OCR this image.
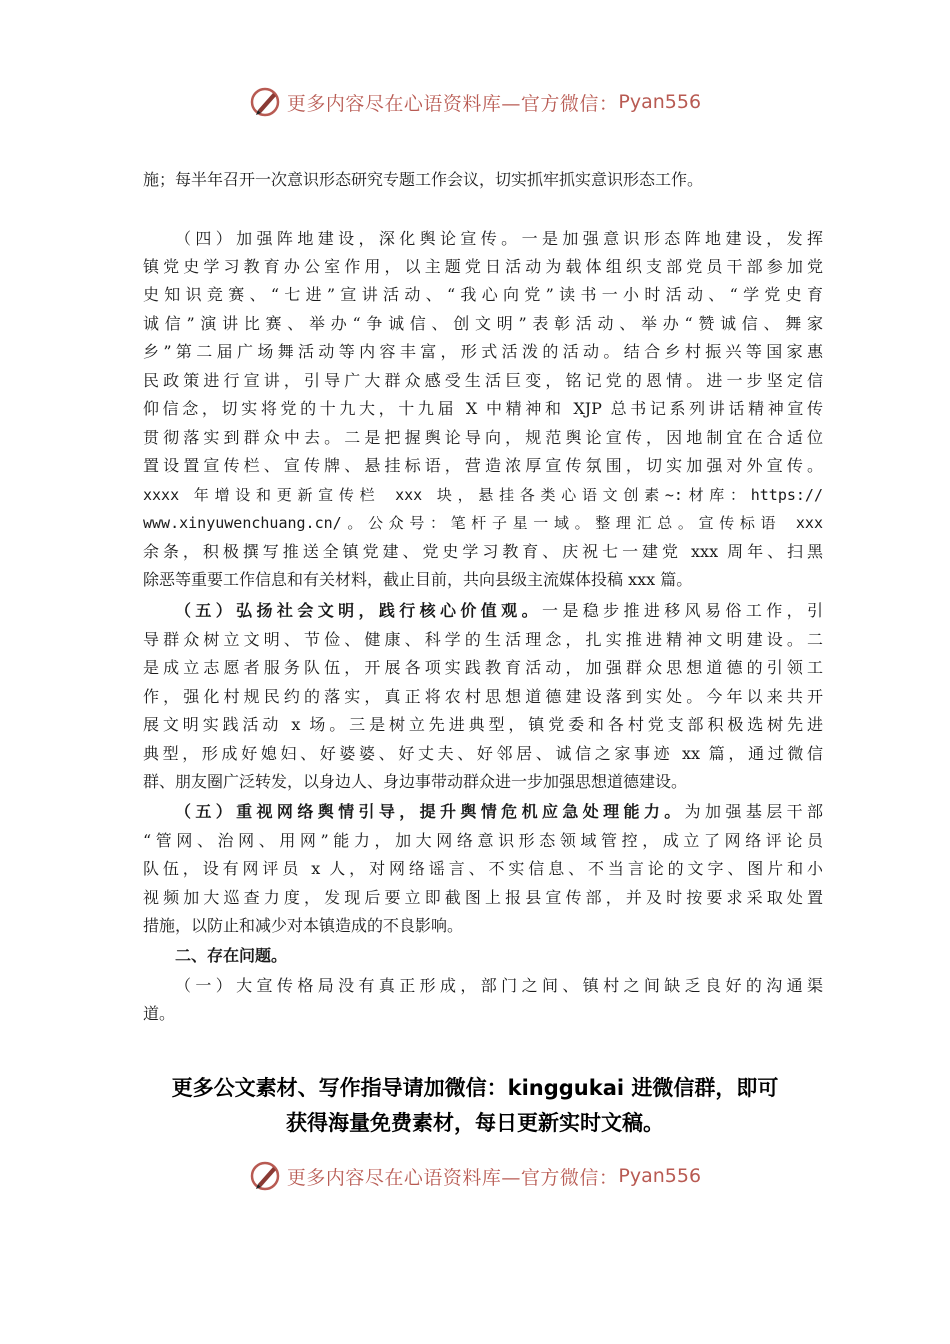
更多内容尽在心语资料库—官方微信： Pyan556
施；每半年召开一次意识形态研究专题工作会议，切实抓牢抓实意识形态工作。
（四）加强阵地建设，深化舆论宣传。一是加强意识形态阵地建设，发挥
镇党史学习教育办公室作用，以主题党日活动为载体组织支部党员干部参加党
史知识竞赛、“七进”宣讲活动、“我心向党”读书一小时活动、“学党史育
诚信”演讲比赛、举办“争诚信、创文明”表彰活动、举办“赞诚信、舞家
乡”第二届广场舞活动等内容丰富，形式活泼的活动。结合乡村振兴等国家惠
民政策进行宣讲，引导广大群众感受生活巨变，铭记党的恩情。进一步坚定信
仰信念，切实将党的十九大，十九届 X 中精神和 XJP 总书记系列讲话精神宣传
贯彻落实到群众中去。二是把握舆论导向，规范舆论宣传，因地制宜在合适位
置设置宣传栏、宣传牌、悬挂标语，营造浓厚宣传氛围，切实加强对外宣传。
xxxx 年增设和更新宣传栏 xxx 块，悬挂各类心语文创素~:材库：https://
www.xinyuwenchuang.cn/。公众号：笔杆子星一域。整理汇总。宣传标语 xxx
余条，积极撰写推送全镇党建、党史学习教育、庆祝七一建党 xxx 周年、扫黑
除恶等重要工作信息和有关材料，截止目前，共向县级主流媒体投稿 xxx 篇。
（五）弘扬社会文明，践行核心价值观。一是稳步推进移风易俗工作，引
导群众树立文明、节俭、健康、科学的生活理念，扎实推进精神文明建设。二
是成立志愿者服务队伍，开展各项实践教育活动，加强群众思想道德的引领工
作，强化村规民约的落实，真正将农村思想道德建设落到实处。今年以来共开
展文明实践活动 x 场。三是树立先进典型，镇党委和各村党支部积极选树先进
典型，形成好媳妇、好婆婆、好丈夫、好邻居、诚信之家事迹 xx 篇，通过微信
群、朋友圈广泛转发，以身边人、身边事带动群众进一步加强思想道德建设。
（五）重视网络舆情引导，提升舆情危机应急处理能力。为加强基层干部
“管网、治网、用网”能力，加大网络意识形态领域管控，成立了网络评论员
队伍，设有网评员 x 人，对网络谣言、不实信息、不当言论的文字、图片和小
视频加大巡查力度，发现后要立即截图上报县宣传部，并及时按要求采取处置
措施，以防止和减少对本镇造成的不良影响。
二、存在问题。
（一）大宣传格局没有真正形成，部门之间、镇村之间缺乏良好的沟通渠
道。
更多公文素材、写作指导请加微信：kinggukai 进微信群，即可
获得海量免费素材，每日更新实时文稿。
更多内容尽在心语资料库—官方微信： Pyan556
